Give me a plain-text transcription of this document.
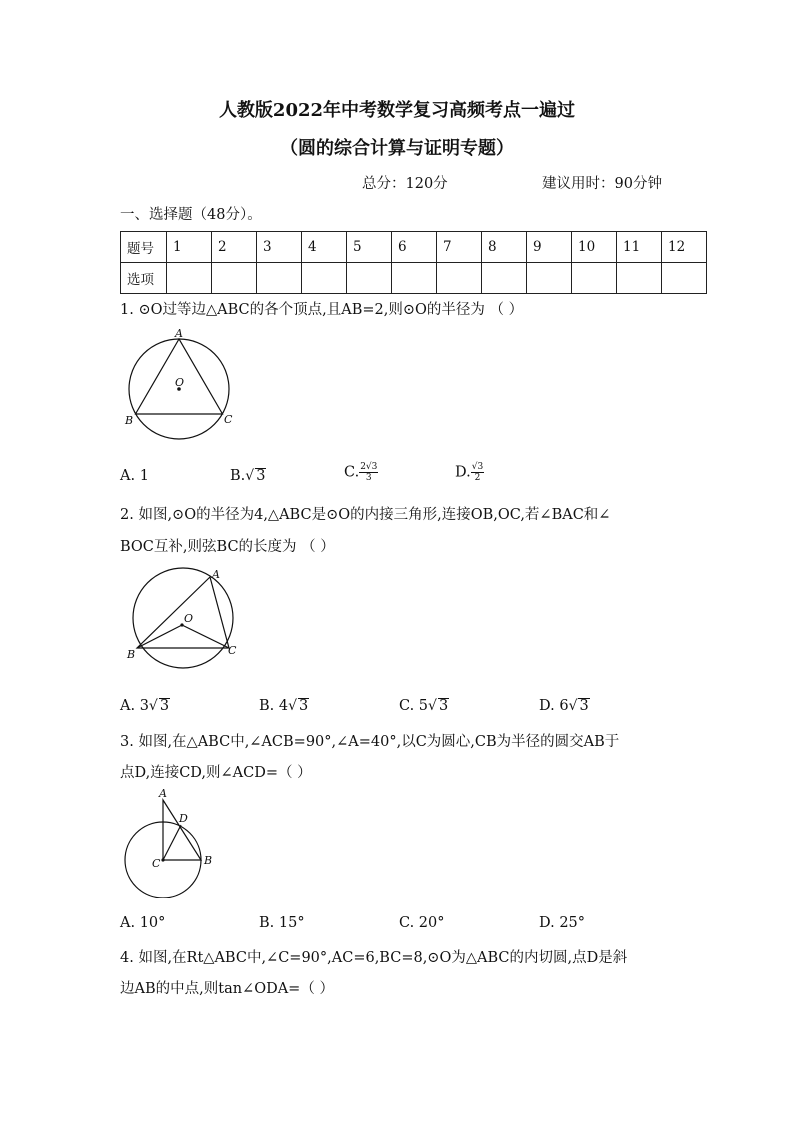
人教版2022年中考数学复习高频考点一遍过
（圆的综合计算与证明专题）
总分：120分	建议用时：90分钟
一、选择题（48分）。
题号	1	2	3	4	5	6	7	8	9	10	11	12
选项												
1. ⊙O过等边△ABC的各个顶点,且AB=2,则⊙O的半径为 （ ）
A
B	C
O
A. 1	B.√ 3	C. $\frac{2√3}{3}$	D. $\frac{√3}{2}$
2. 如图,⊙O的半径为4,△ABC是⊙O的内接三角形,连接OB,OC,若∠BAC和∠
BOC互补,则弦BC的长度为 （ ）
A
B	C
O
A. 3√ 3	B. 4√ 3	C. 5√ 3	D. 6√ 3
3. 如图,在△ABC中,∠ACB=90°,∠A=40°,以C为圆心,CB为半径的圆交AB于
点D,连接CD,则∠ACD=（ ）
A
D
C	B
A. 10°	B. 15°	C. 20°	D. 25°
4. 如图,在Rt△ABC中,∠C=90°,AC=6,BC=8,⊙O为△ABC的内切圆,点D是斜
边AB的中点,则tan∠ODA=（ ）
